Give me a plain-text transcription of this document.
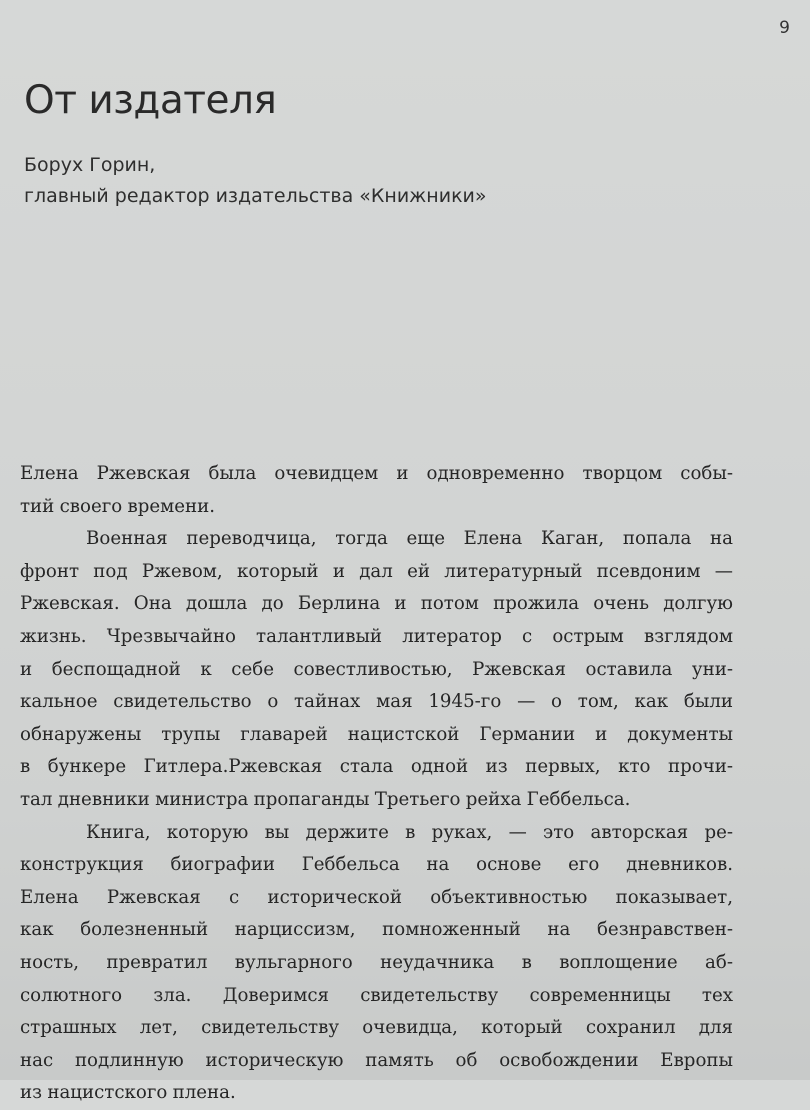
9
От издателя
Борух Горин,
главный редактор издательства «Книжники»

Елена Ржевская была очевидцем и одновременно творцом собы-
тий своего времени.

Военная переводчица, тогда еще Елена Каган, попала на
фронт под Ржевом, который и дал ей литературный псевдоним —
Ржевская. Она дошла до Берлина и потом прожила очень долгую
жизнь. Чрезвычайно талантливый литератор с острым взглядом
и беспощадной к себе совестливостью, Ржевская оставила уни-
кальное свидетельство о тайнах мая 1945-го — о том, как были
обнаружены трупы главарей нацистской Германии и документы
в бункере Гитлера.Ржевская стала одной из первых, кто прочи-
тал дневники министра пропаганды Третьего рейха Геббельса.

Книга, которую вы держите в руках, — это авторская ре-
конструкция биографии Геббельса на основе его дневников.
Елена Ржевская с исторической объективностью показывает,
как болезненный нарциссизм, помноженный на безнравствен-
ность, превратил вульгарного неудачника в воплощение аб-
солютного зла. Доверимся свидетельству современницы тех
страшных лет, свидетельству очевидца, который сохранил для
нас подлинную историческую память об освобождении Европы
из нацистского плена.
